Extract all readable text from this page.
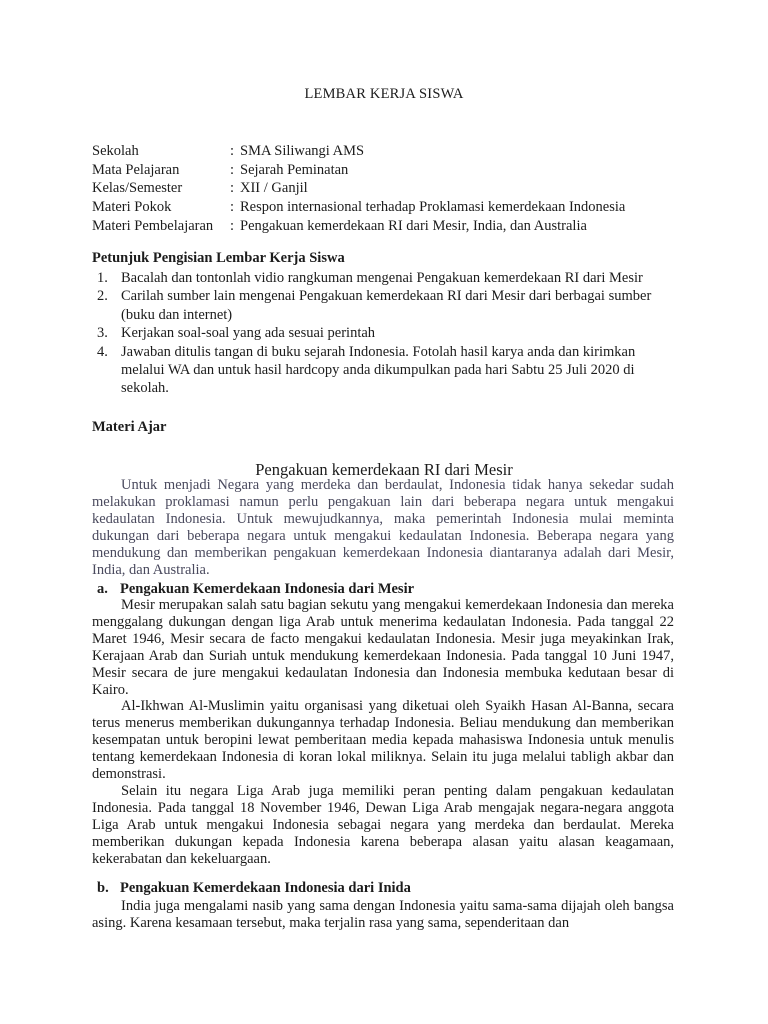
LEMBAR KERJA SISWA
Sekolah	: SMA Siliwangi AMS
Mata Pelajaran	: Sejarah Peminatan
Kelas/Semester	: XII / Ganjil
Materi Pokok	: Respon internasional terhadap Proklamasi kemerdekaan Indonesia
Materi Pembelajaran	: Pengakuan kemerdekaan RI dari Mesir, India, dan Australia
Petunjuk Pengisian Lembar Kerja Siswa
1. Bacalah dan tontonlah vidio rangkuman mengenai Pengakuan kemerdekaan RI dari Mesir
2. Carilah sumber lain mengenai Pengakuan kemerdekaan RI dari Mesir dari berbagai sumber (buku dan internet)
3. Kerjakan soal-soal yang ada sesuai perintah
4. Jawaban ditulis tangan di buku sejarah Indonesia. Fotolah hasil karya anda dan kirimkan melalui WA dan untuk hasil hardcopy anda dikumpulkan pada hari Sabtu 25 Juli 2020 di sekolah.
Materi Ajar
Pengakuan kemerdekaan RI dari Mesir

Untuk menjadi Negara yang merdeka dan berdaulat, Indonesia tidak hanya sekedar sudah melakukan proklamasi namun perlu pengakuan lain dari beberapa negara untuk mengakui kedaulatan Indonesia. Untuk mewujudkannya, maka pemerintah Indonesia mulai meminta dukungan dari beberapa negara untuk mengakui kedaulatan Indonesia. Beberapa negara yang mendukung dan memberikan pengakuan kemerdekaan Indonesia diantaranya adalah dari Mesir, India, dan Australia.

a. Pengakuan Kemerdekaan Indonesia dari Mesir

Mesir merupakan salah satu bagian sekutu yang mengakui kemerdekaan Indonesia dan mereka menggalang dukungan dengan liga Arab untuk menerima kedaulatan Indonesia. Pada tanggal 22 Maret 1946, Mesir secara de facto mengakui kedaulatan Indonesia. Mesir juga meyakinkan Irak, Kerajaan Arab dan Suriah untuk mendukung kemerdekaan Indonesia. Pada tanggal 10 Juni 1947, Mesir secara de jure mengakui kedaulatan Indonesia dan Indonesia membuka kedutaan besar di Kairo.

Al-Ikhwan Al-Muslimin yaitu organisasi yang diketuai oleh Syaikh Hasan Al-Banna, secara terus menerus memberikan dukungannya terhadap Indonesia. Beliau mendukung dan memberikan kesempatan untuk beropini lewat pemberitaan media kepada mahasiswa Indonesia untuk menulis tentang kemerdekaan Indonesia di koran lokal miliknya. Selain itu juga melalui tabligh akbar dan demonstrasi.

Selain itu negara Liga Arab juga memiliki peran penting dalam pengakuan kedaulatan Indonesia. Pada tanggal 18 November 1946, Dewan Liga Arab mengajak negara-negara anggota Liga Arab untuk mengakui Indonesia sebagai negara yang merdeka dan berdaulat. Mereka memberikan dukungan kepada Indonesia karena beberapa alasan yaitu alasan keagamaan, kekerabatan dan kekeluargaan.

b. Pengakuan Kemerdekaan Indonesia dari Inida

India juga mengalami nasib yang sama dengan Indonesia yaitu sama-sama dijajah oleh bangsa asing. Karena kesamaan tersebut, maka terjalin rasa yang sama, sependeritaan dan
